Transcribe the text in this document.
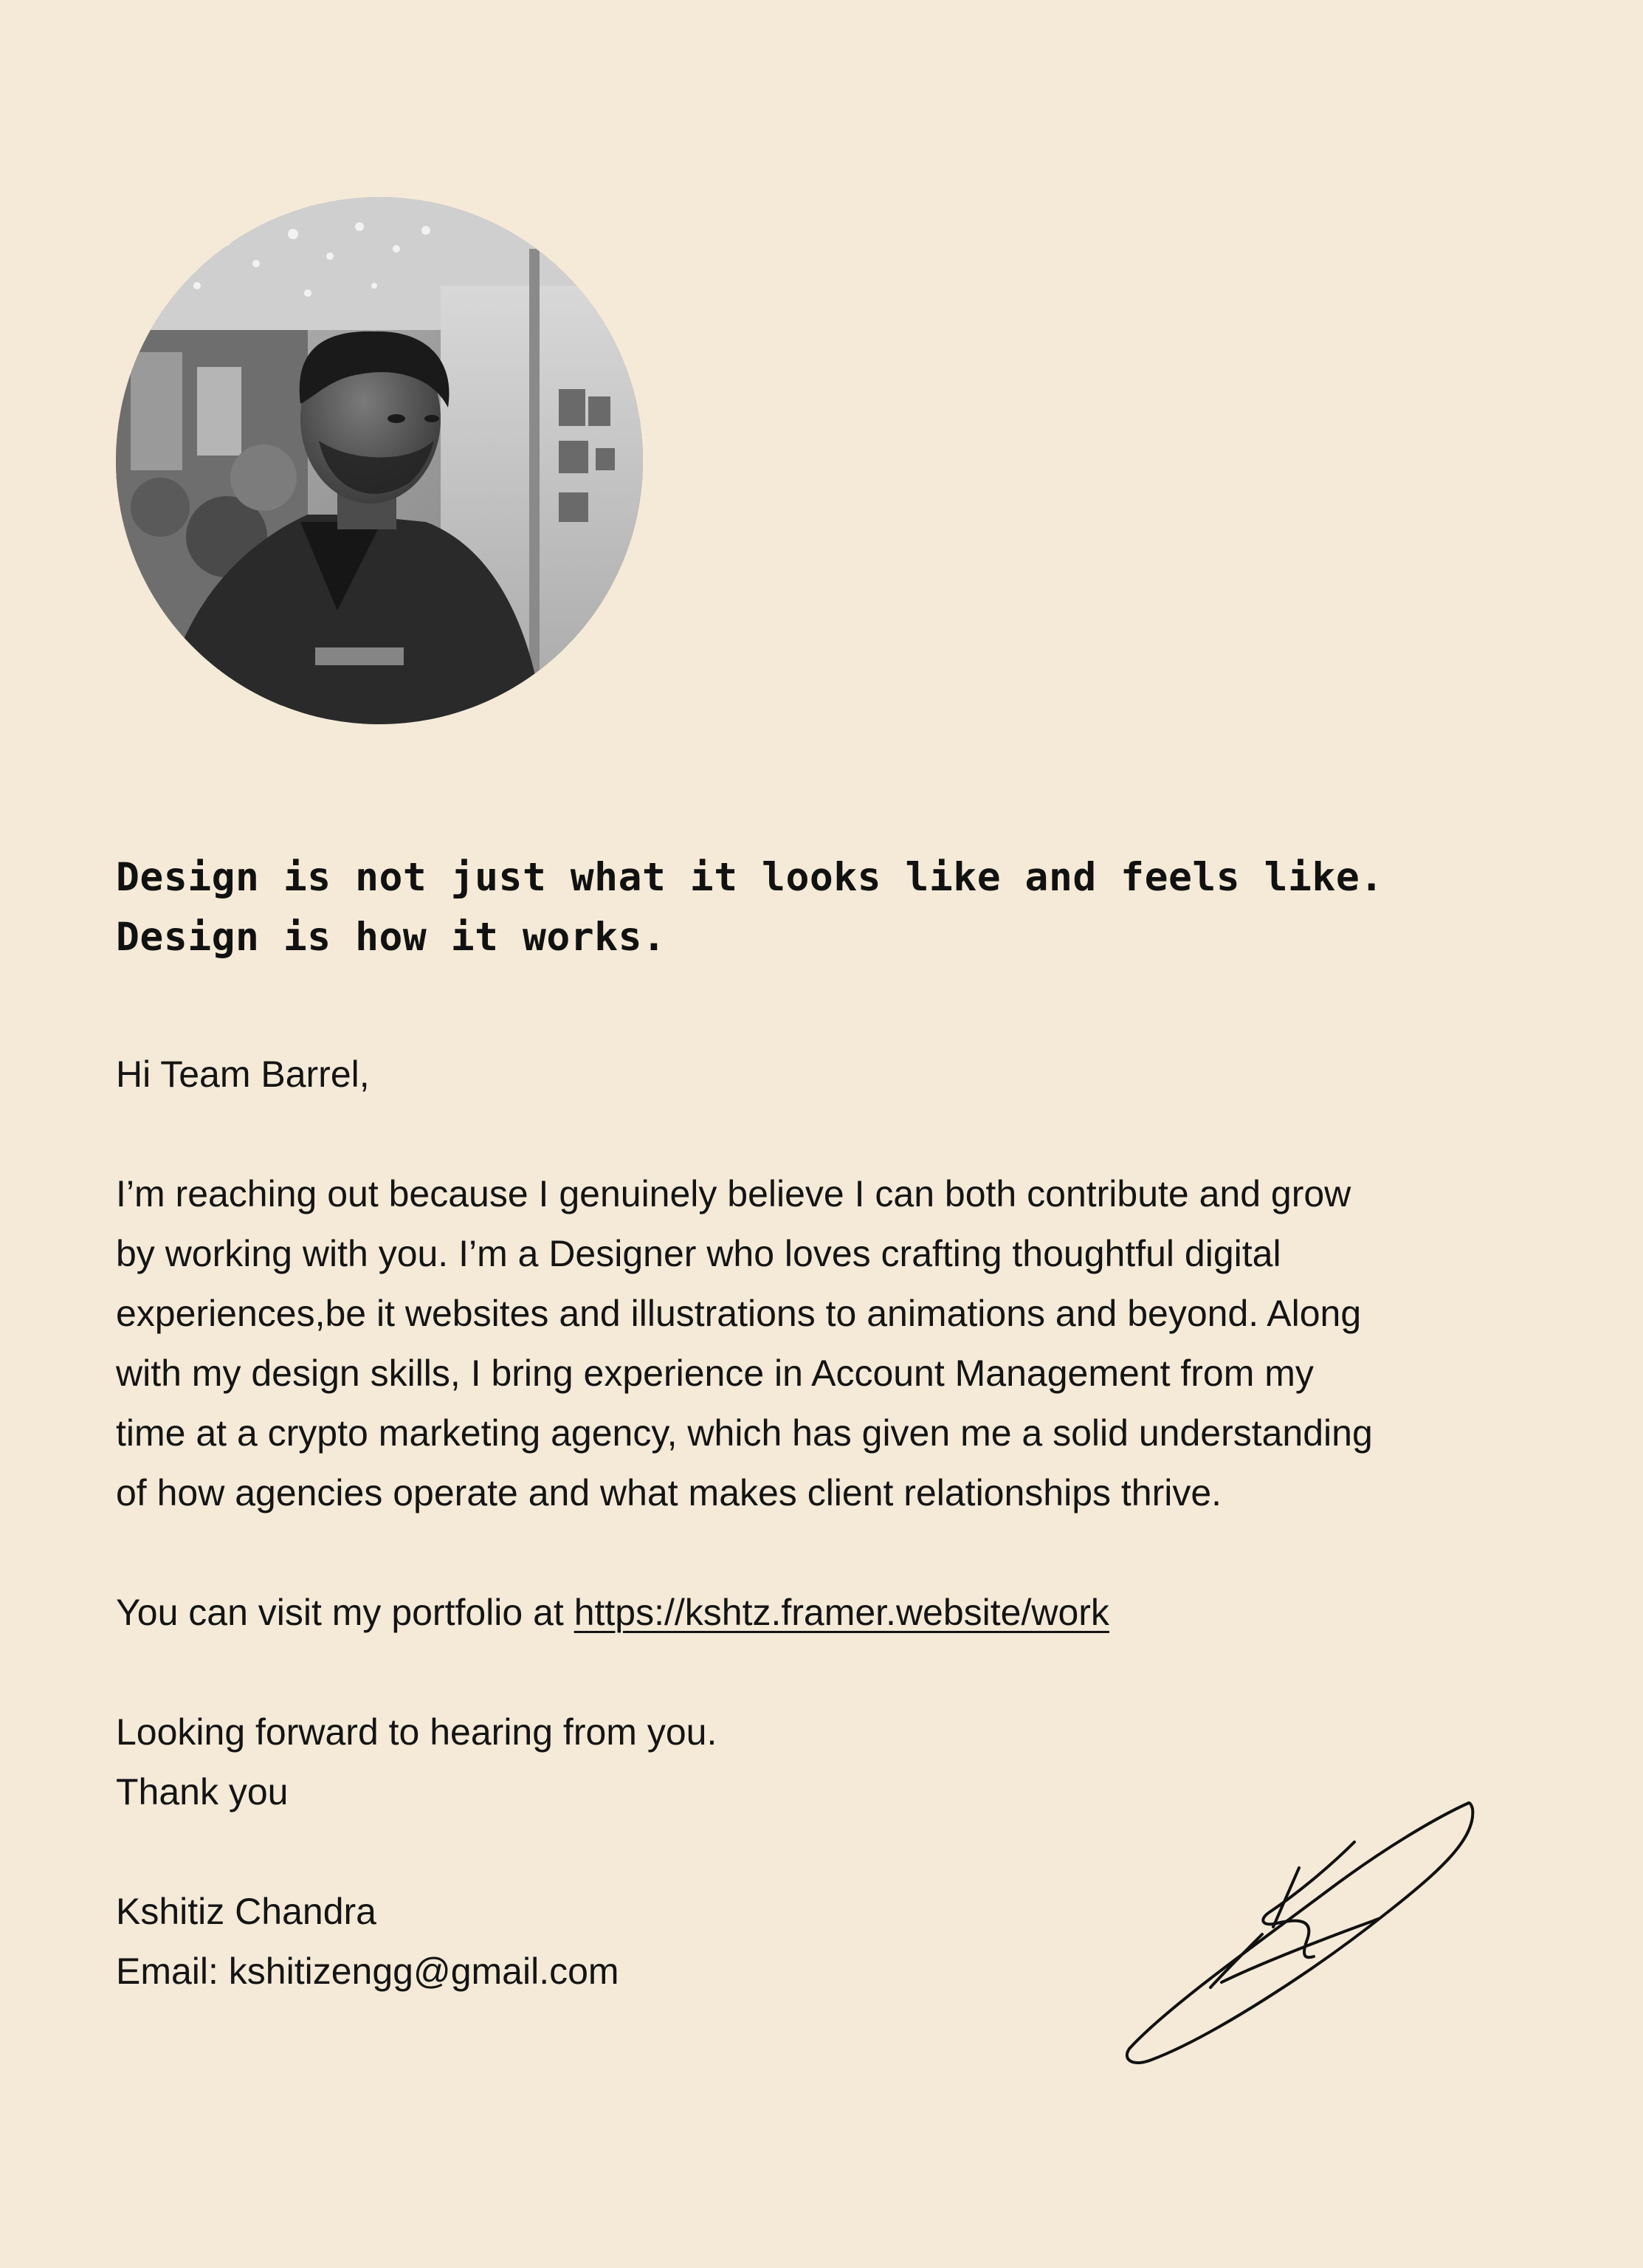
Design is not just what it looks like and feels like.
Design is how it works.

Hi Team Barrel,

I’m reaching out because I genuinely believe I can both contribute and grow

by working with you. I’m a Designer who loves crafting thoughtful digital

experiences,be it websites and illustrations to animations and beyond. Along

with my design skills, I bring experience in Account Management from my

time at a crypto marketing agency, which has given me a solid understanding

of how agencies operate and what makes client relationships thrive.

You can visit my portfolio at https://kshtz.framer.website/work

Looking forward to hearing from you.

Thank you

Kshitiz Chandra

Email: kshitizengg@gmail.com
